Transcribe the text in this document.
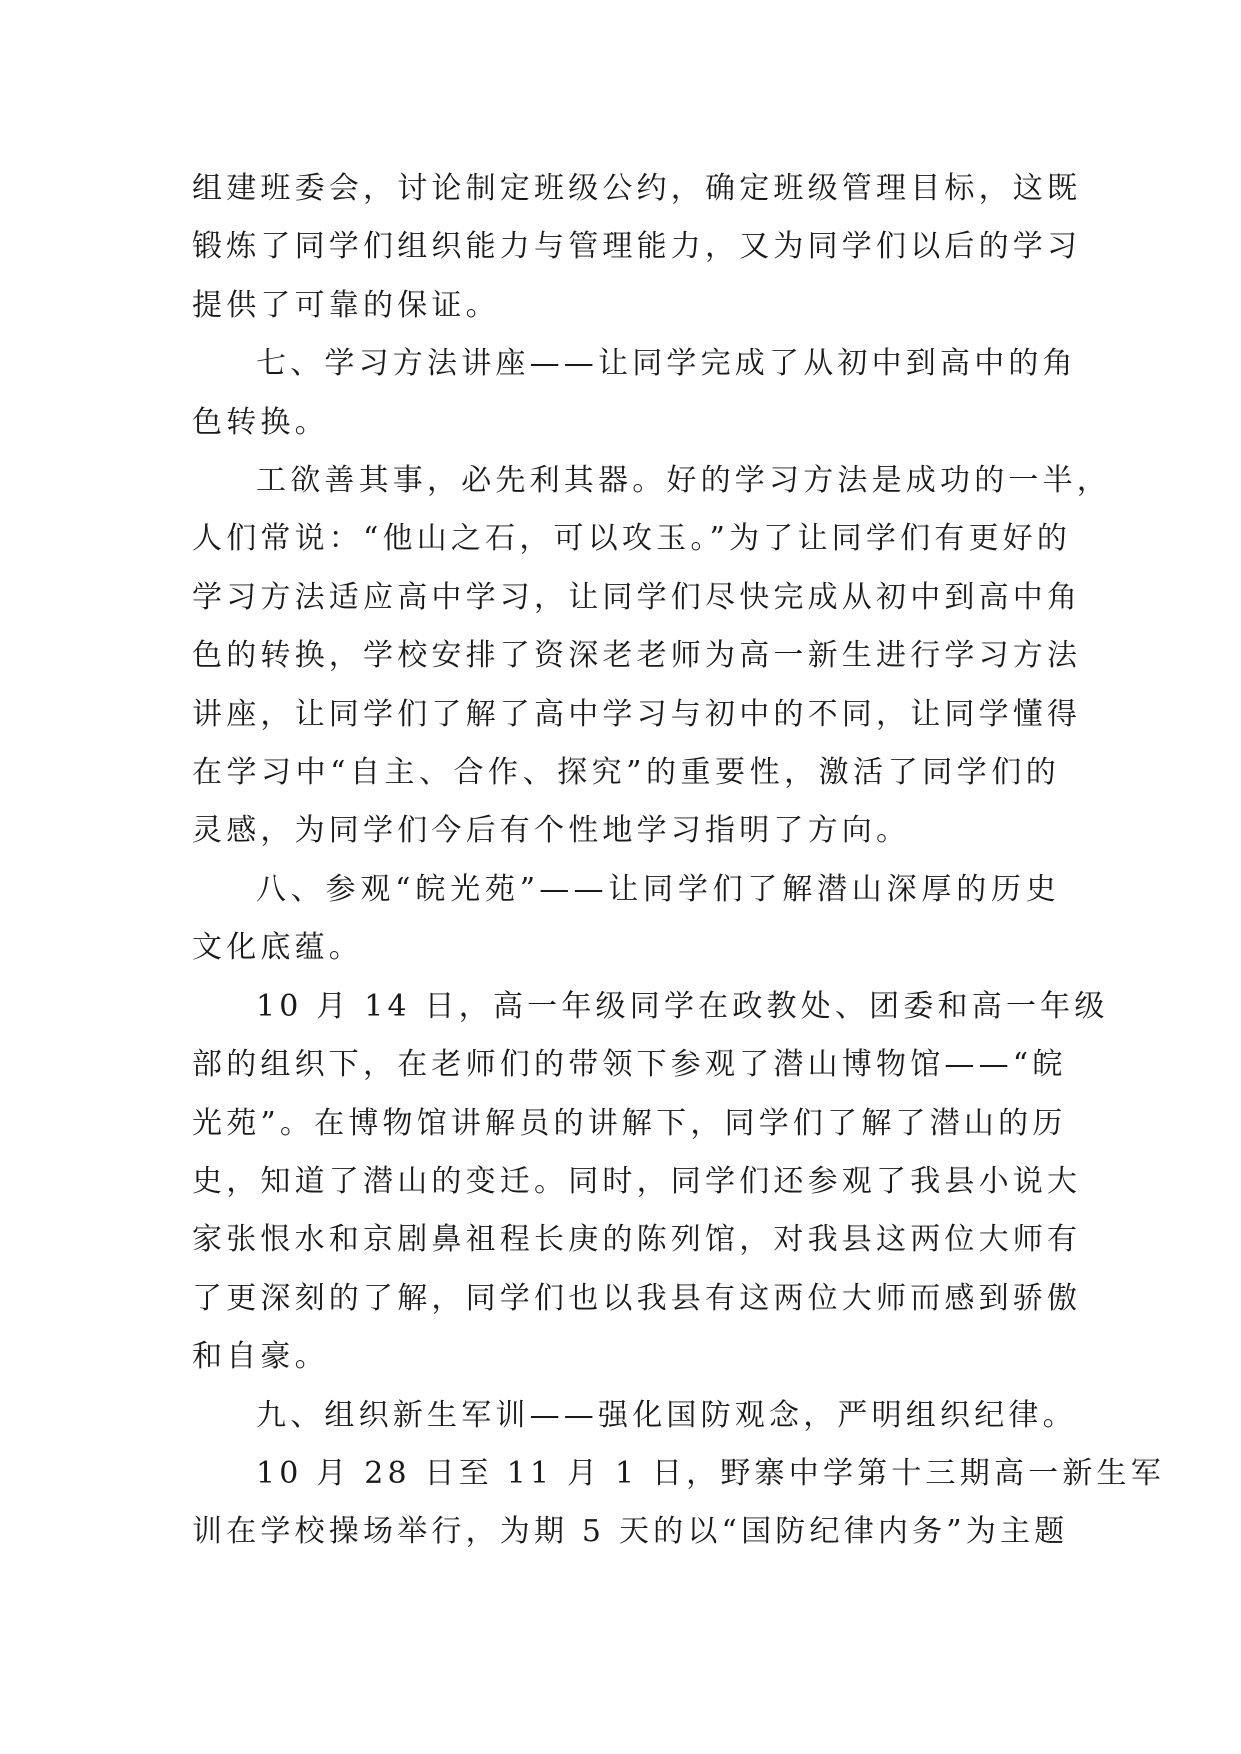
组建班委会，讨论制定班级公约，确定班级管理目标，这既
锻炼了同学们组织能力与管理能力，又为同学们以后的学习
提供了可靠的保证。
七、学习方法讲座——让同学完成了从初中到高中的角
色转换。
工欲善其事，必先利其器。好的学习方法是成功的一半，
人们常说：“他山之石，可以攻玉。”为了让同学们有更好的
学习方法适应高中学习，让同学们尽快完成从初中到高中角
色的转换，学校安排了资深老老师为高一新生进行学习方法
讲座，让同学们了解了高中学习与初中的不同，让同学懂得
在学习中“自主、合作、探究”的重要性，激活了同学们的
灵感，为同学们今后有个性地学习指明了方向。
八、参观“皖光苑”——让同学们了解潜山深厚的历史
文化底蕴。
10 月 14 日，高一年级同学在政教处、团委和高一年级
部的组织下，在老师们的带领下参观了潜山博物馆——“皖
光苑”。在博物馆讲解员的讲解下，同学们了解了潜山的历
史，知道了潜山的变迁。同时，同学们还参观了我县小说大
家张恨水和京剧鼻祖程长庚的陈列馆，对我县这两位大师有
了更深刻的了解，同学们也以我县有这两位大师而感到骄傲
和自豪。
九、组织新生军训——强化国防观念，严明组织纪律。
10 月 28 日至 11 月 1 日，野寨中学第十三期高一新生军
训在学校操场举行，为期 5 天的以“国防纪律内务”为主题
